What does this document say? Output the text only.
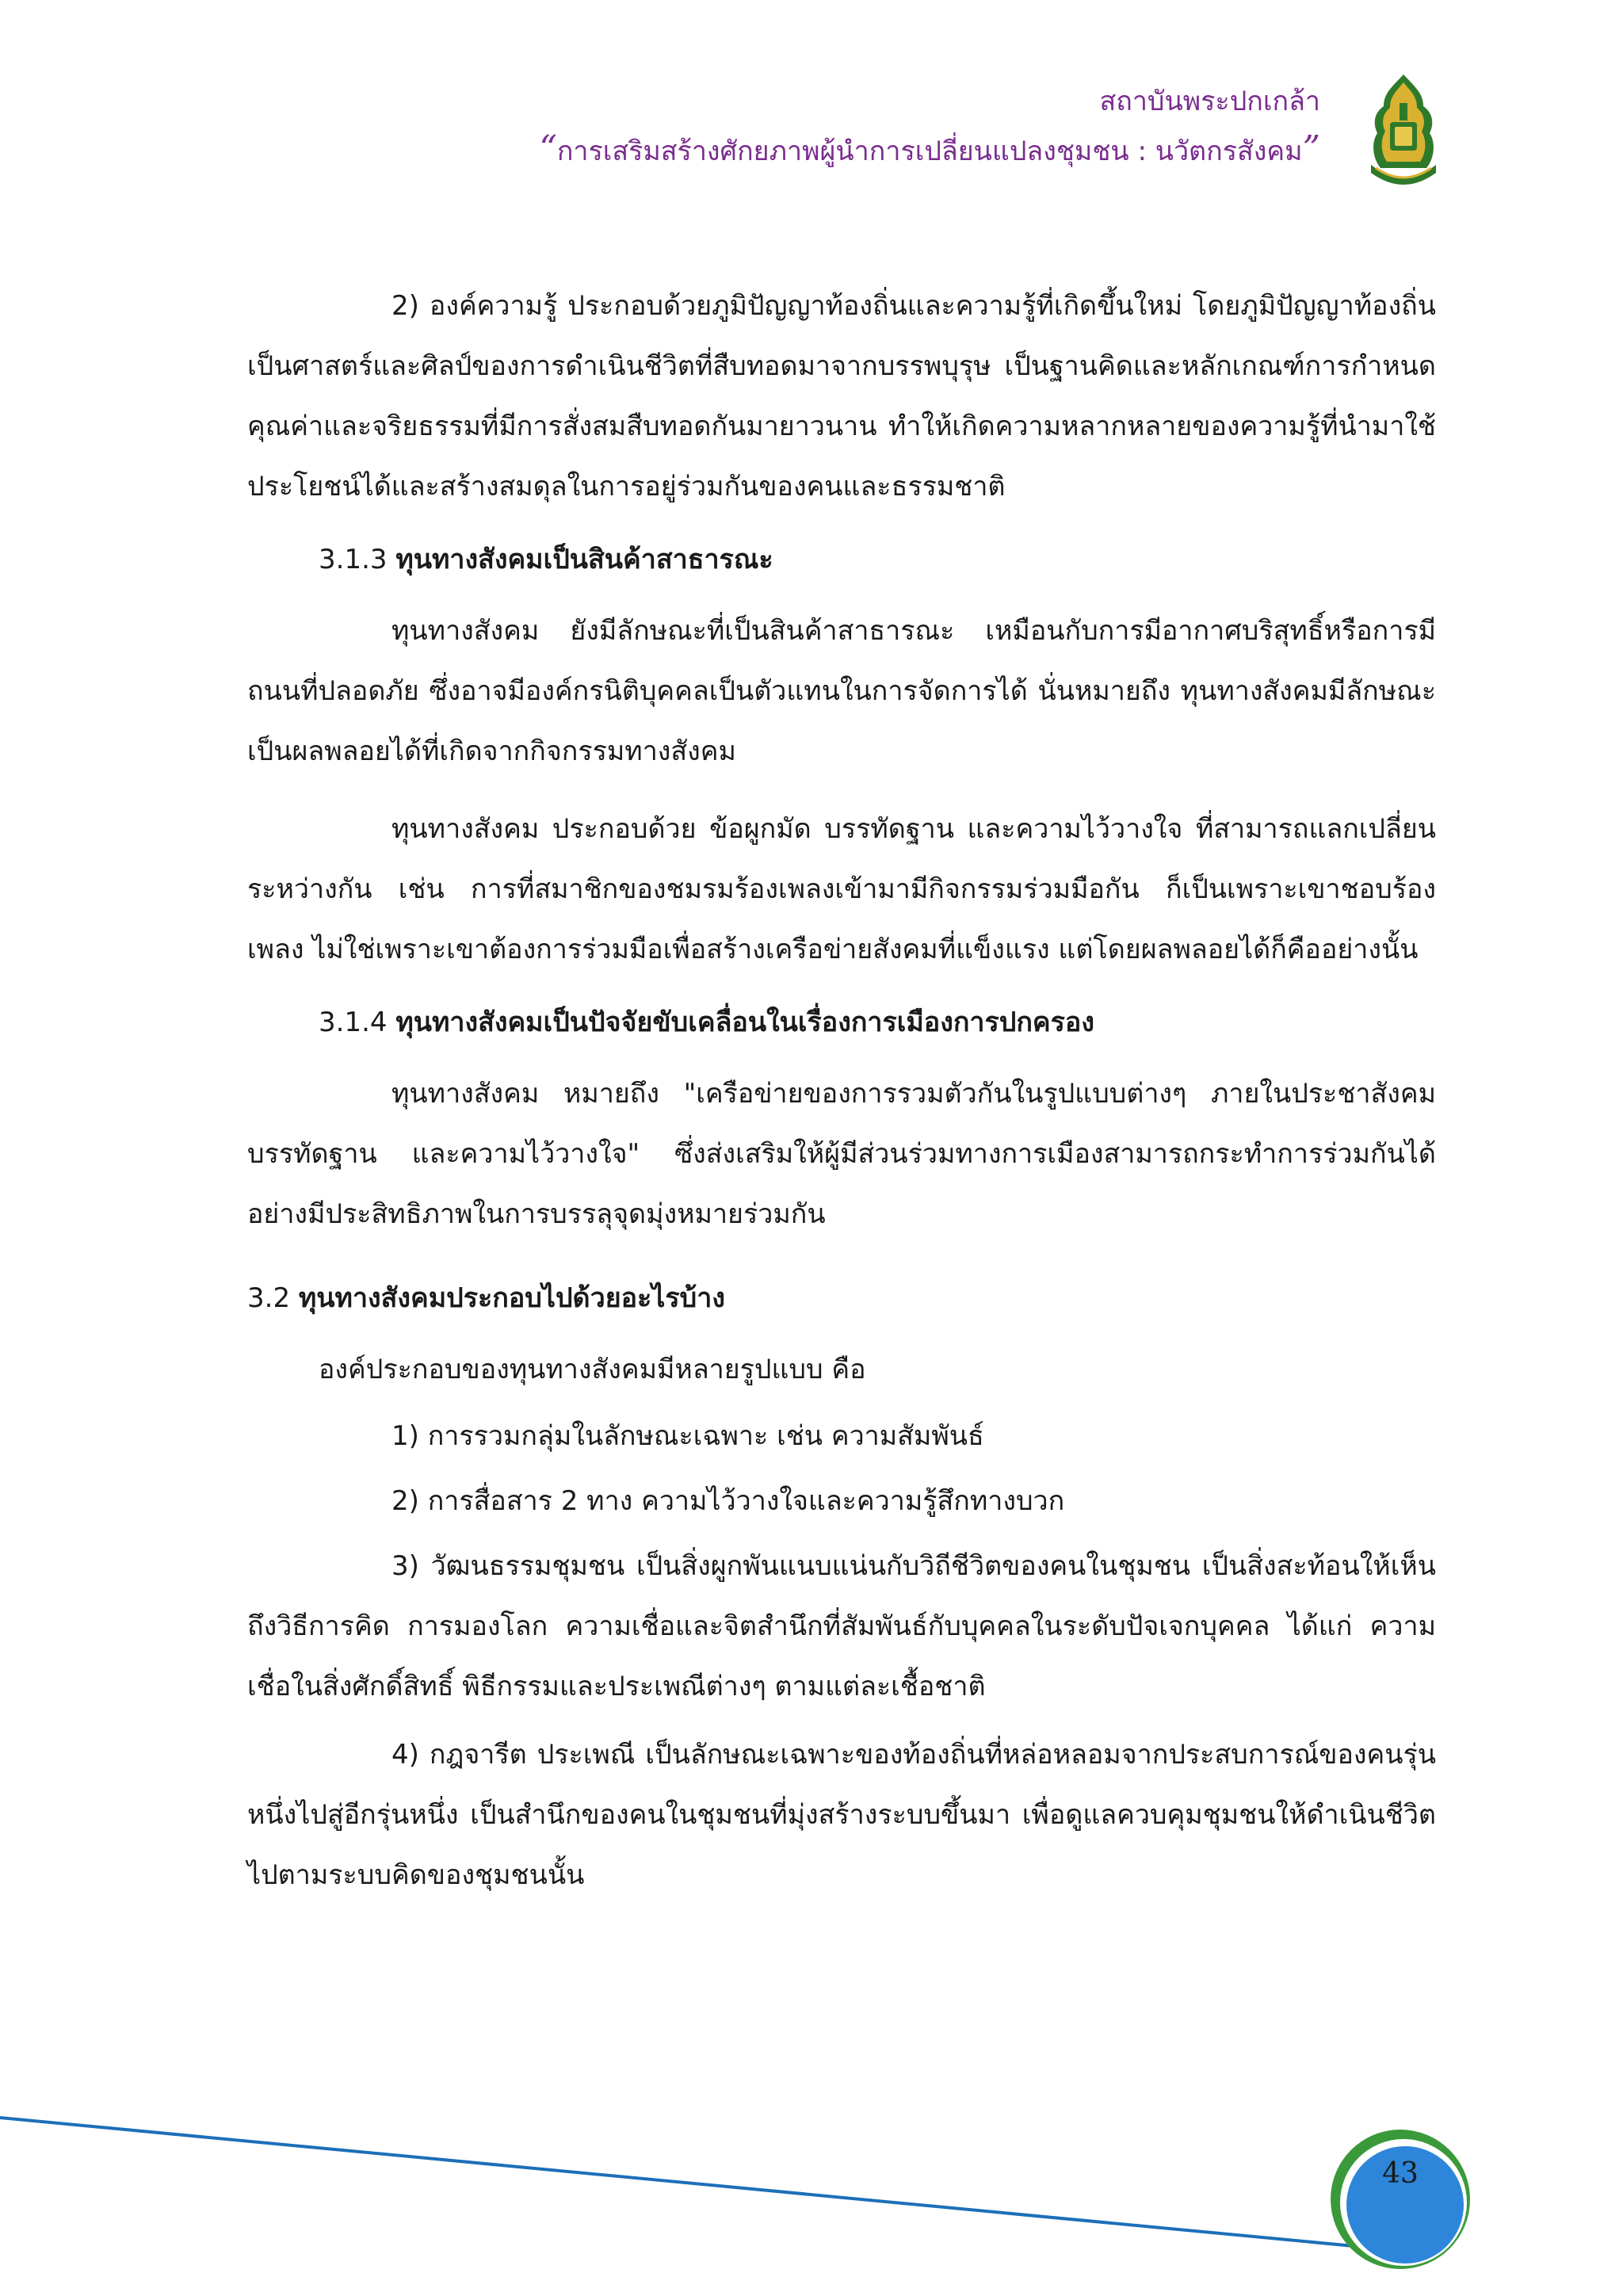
สถาบันพระปกเกล้า
“การเสริมสร้างศักยภาพผู้นำการเปลี่ยนแปลงชุมชน : นวัตกรสังคม”

2) องค์ความรู้ ประกอบด้วยภูมิปัญญาท้องถิ่นและความรู้ที่เกิดขึ้นใหม่ โดยภูมิปัญญาท้องถิ่น เป็นศาสตร์และศิลป์ของการดำเนินชีวิตที่สืบทอดมาจากบรรพบุรุษ เป็นฐานคิดและหลักเกณฑ์การกำหนดคุณค่าและจริยธรรมที่มีการสั่งสมสืบทอดกันมายาวนาน ทำให้เกิดความหลากหลายของความรู้ที่นำมาใช้ประโยชน์ได้และสร้างสมดุลในการอยู่ร่วมกันของคนและธรรมชาติ

3.1.3 ทุนทางสังคมเป็นสินค้าสาธารณะ

ทุนทางสังคม ยังมีลักษณะที่เป็นสินค้าสาธารณะ เหมือนกับการมีอากาศบริสุทธิ์หรือการมีถนนที่ปลอดภัย ซึ่งอาจมีองค์กรนิติบุคคลเป็นตัวแทนในการจัดการได้ นั่นหมายถึง ทุนทางสังคมมีลักษณะเป็นผลพลอยได้ที่เกิดจากกิจกรรมทางสังคม

ทุนทางสังคม ประกอบด้วย ข้อผูกมัด บรรทัดฐาน และความไว้วางใจ ที่สามารถแลกเปลี่ยนระหว่างกัน เช่น การที่สมาชิกของชมรมร้องเพลงเข้ามามีกิจกรรมร่วมมือกัน ก็เป็นเพราะเขาชอบร้องเพลง ไม่ใช่เพราะเขาต้องการร่วมมือเพื่อสร้างเครือข่ายสังคมที่แข็งแรง แต่โดยผลพลอยได้ก็คืออย่างนั้น

3.1.4 ทุนทางสังคมเป็นปัจจัยขับเคลื่อนในเรื่องการเมืองการปกครอง

ทุนทางสังคม หมายถึง "เครือข่ายของการรวมตัวกันในรูปแบบต่างๆ ภายในประชาสังคม บรรทัดฐาน และความไว้วางใจ" ซึ่งส่งเสริมให้ผู้มีส่วนร่วมทางการเมืองสามารถกระทำการร่วมกันได้อย่างมีประสิทธิภาพในการบรรลุจุดมุ่งหมายร่วมกัน

3.2 ทุนทางสังคมประกอบไปด้วยอะไรบ้าง

องค์ประกอบของทุนทางสังคมมีหลายรูปแบบ คือ

1) การรวมกลุ่มในลักษณะเฉพาะ เช่น ความสัมพันธ์

2) การสื่อสาร 2 ทาง ความไว้วางใจและความรู้สึกทางบวก

3) วัฒนธรรมชุมชน เป็นสิ่งผูกพันแนบแน่นกับวิถีชีวิตของคนในชุมชน เป็นสิ่งสะท้อนให้เห็นถึงวิธีการคิด การมองโลก ความเชื่อและจิตสำนึกที่สัมพันธ์กับบุคคลในระดับปัจเจกบุคคล ได้แก่ ความเชื่อในสิ่งศักดิ์สิทธิ์ พิธีกรรมและประเพณีต่างๆ ตามแต่ละเชื้อชาติ

4) กฎจารีต ประเพณี เป็นลักษณะเฉพาะของท้องถิ่นที่หล่อหลอมจากประสบการณ์ของคนรุ่นหนึ่งไปสู่อีกรุ่นหนึ่ง เป็นสำนึกของคนในชุมชนที่มุ่งสร้างระบบขึ้นมา เพื่อดูแลควบคุมชุมชนให้ดำเนินชีวิตไปตามระบบคิดของชุมชนนั้น

43
